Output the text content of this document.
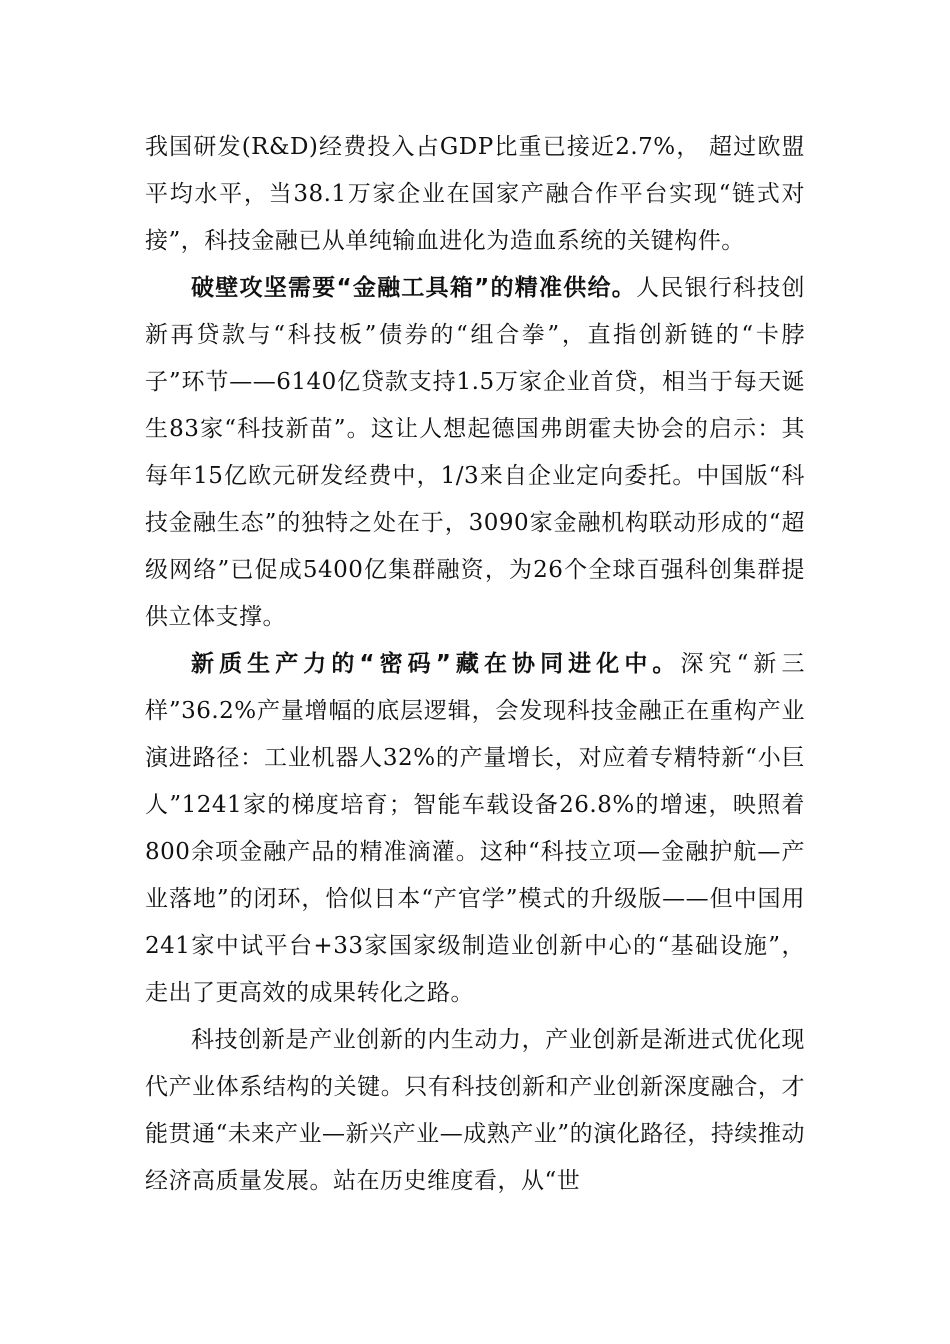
我国研发(R&D)经费投入占GDP比重已接近2.7%， 超过欧盟平均水平，当38.1万家企业在国家产融合作平台实现“链式对接”，科技金融已从单纯输血进化为造血系统的关键构件。

破壁攻坚需要“金融工具箱”的精准供给。人民银行科技创新再贷款与“科技板”债券的“组合拳”，直指创新链的“卡脖子”环节——6140亿贷款支持1.5万家企业首贷，相当于每天诞生83家“科技新苗”。这让人想起德国弗朗霍夫协会的启示：其每年15亿欧元研发经费中，1/3来自企业定向委托。中国版“科技金融生态”的独特之处在于，3090家金融机构联动形成的“超级网络”已促成5400亿集群融资，为26个全球百强科创集群提供立体支撑。

新质生产力的“密码”藏在协同进化中。深究“新三样”36.2%产量增幅的底层逻辑，会发现科技金融正在重构产业演进路径：工业机器人32%的产量增长，对应着专精特新“小巨人”1241家的梯度培育；智能车载设备26.8%的增速，映照着800余项金融产品的精准滴灌。这种“科技立项—金融护航—产业落地”的闭环，恰似日本“产官学”模式的升级版——但中国用241家中试平台+33家国家级制造业创新中心的“基础设施”，走出了更高效的成果转化之路。

科技创新是产业创新的内生动力，产业创新是渐进式优化现代产业体系结构的关键。只有科技创新和产业创新深度融合，才能贯通“未来产业—新兴产业—成熟产业”的演化路径，持续推动经济高质量发展。站在历史维度看，从“世
